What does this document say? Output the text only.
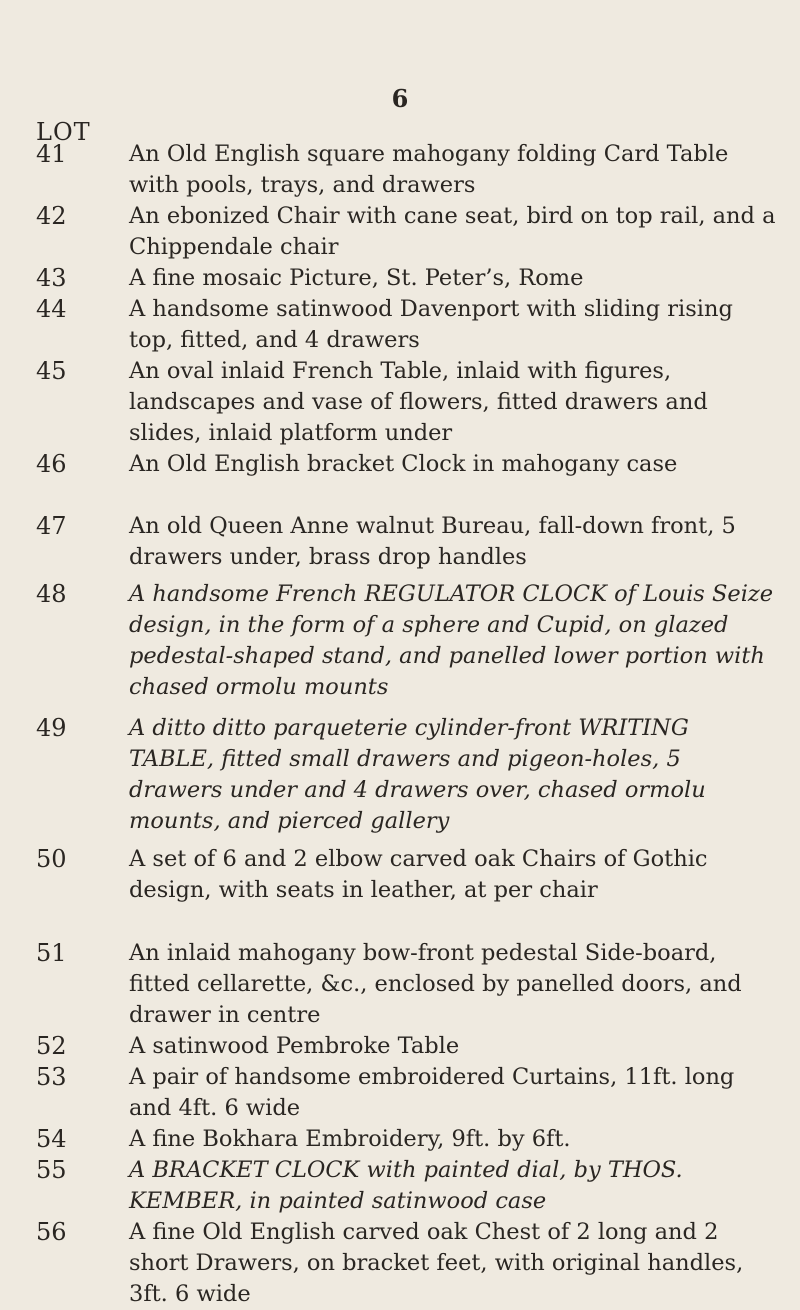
6
LOT
41	An Old English square mahogany folding Card Table with pools, trays, and drawers
42	An ebonized Chair with cane seat, bird on top rail, and a Chippendale chair
43	A fine mosaic Picture, St. Peter’s, Rome
44	A handsome satinwood Davenport with sliding rising top, fitted, and 4 drawers
45	An oval inlaid French Table, inlaid with figures, landscapes and vase of flowers, fitted drawers and slides, inlaid platform under
46	An Old English bracket Clock in mahogany case
47	An old Queen Anne walnut Bureau, fall-down front, 5 drawers under, brass drop handles
48	A handsome French REGULATOR CLOCK of Louis Seize design, in the form of a sphere and Cupid, on glazed pedestal-shaped stand, and panelled lower portion with chased ormolu mounts
49	A ditto ditto parqueterie cylinder-front WRITING TABLE, fitted small drawers and pigeon-holes, 5 drawers under and 4 drawers over, chased ormolu mounts, and pierced gallery
50	A set of 6 and 2 elbow carved oak Chairs of Gothic design, with seats in leather, at per chair
51	An inlaid mahogany bow-front pedestal Side-board, fitted cellarette, &c., enclosed by panelled doors, and drawer in centre
52	A satinwood Pembroke Table
53	A pair of handsome embroidered Curtains, 11ft. long and 4ft. 6 wide
54	A fine Bokhara Embroidery, 9ft. by 6ft.
55	A BRACKET CLOCK with painted dial, by THOS. KEMBER, in painted satinwood case
56	A fine Old English carved oak Chest of 2 long and 2 short Drawers, on bracket feet, with original handles, 3ft. 6 wide
